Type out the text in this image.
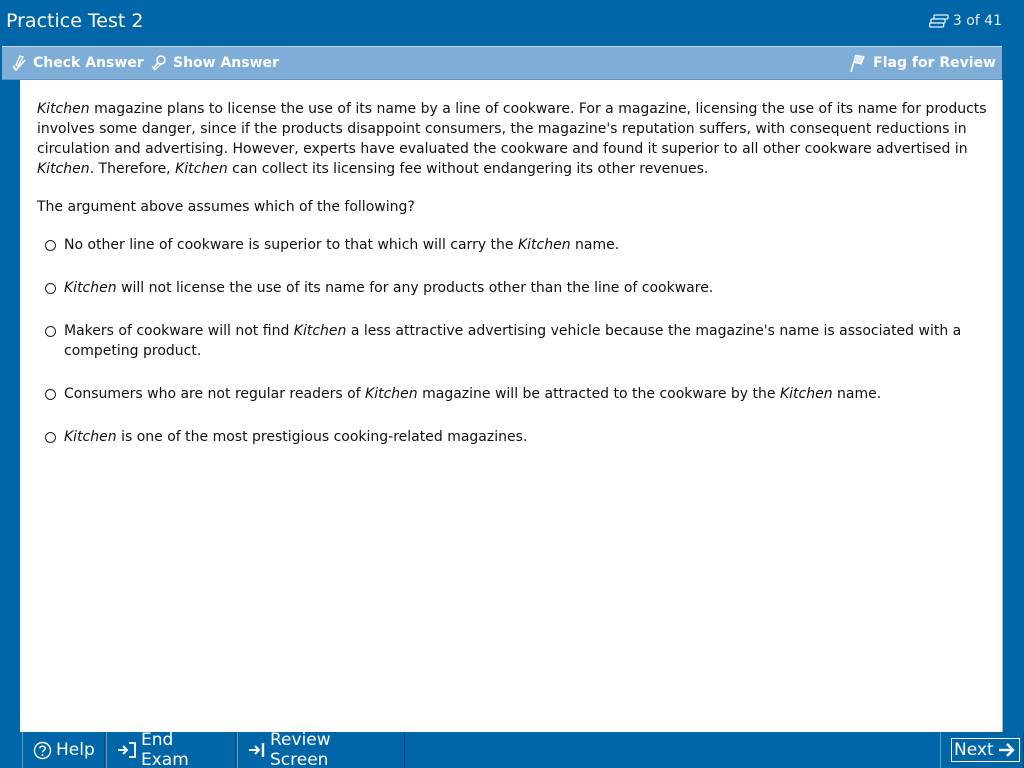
Practice Test 2	3 of 41
Check Answer Show Answer	Flag for Review

Kitchen magazine plans to license the use of its name by a line of cookware. For a magazine, licensing the use of its name for products involves some danger, since if the products disappoint consumers, the magazine's reputation suffers, with consequent reductions in circulation and advertising. However, experts have evaluated the cookware and found it superior to all other cookware advertised in Kitchen. Therefore, Kitchen can collect its licensing fee without endangering its other revenues.

The argument above assumes which of the following?

No other line of cookware is superior to that which will carry the Kitchen name.
Kitchen will not license the use of its name for any products other than the line of cookware.
Makers of cookware will not find Kitchen a less attractive advertising vehicle because the magazine's name is associated with a competing product.
Consumers who are not regular readers of Kitchen magazine will be attracted to the cookware by the Kitchen name.
Kitchen is one of the most prestigious cooking-related magazines.
Help	End Exam
Review Screen	Next
